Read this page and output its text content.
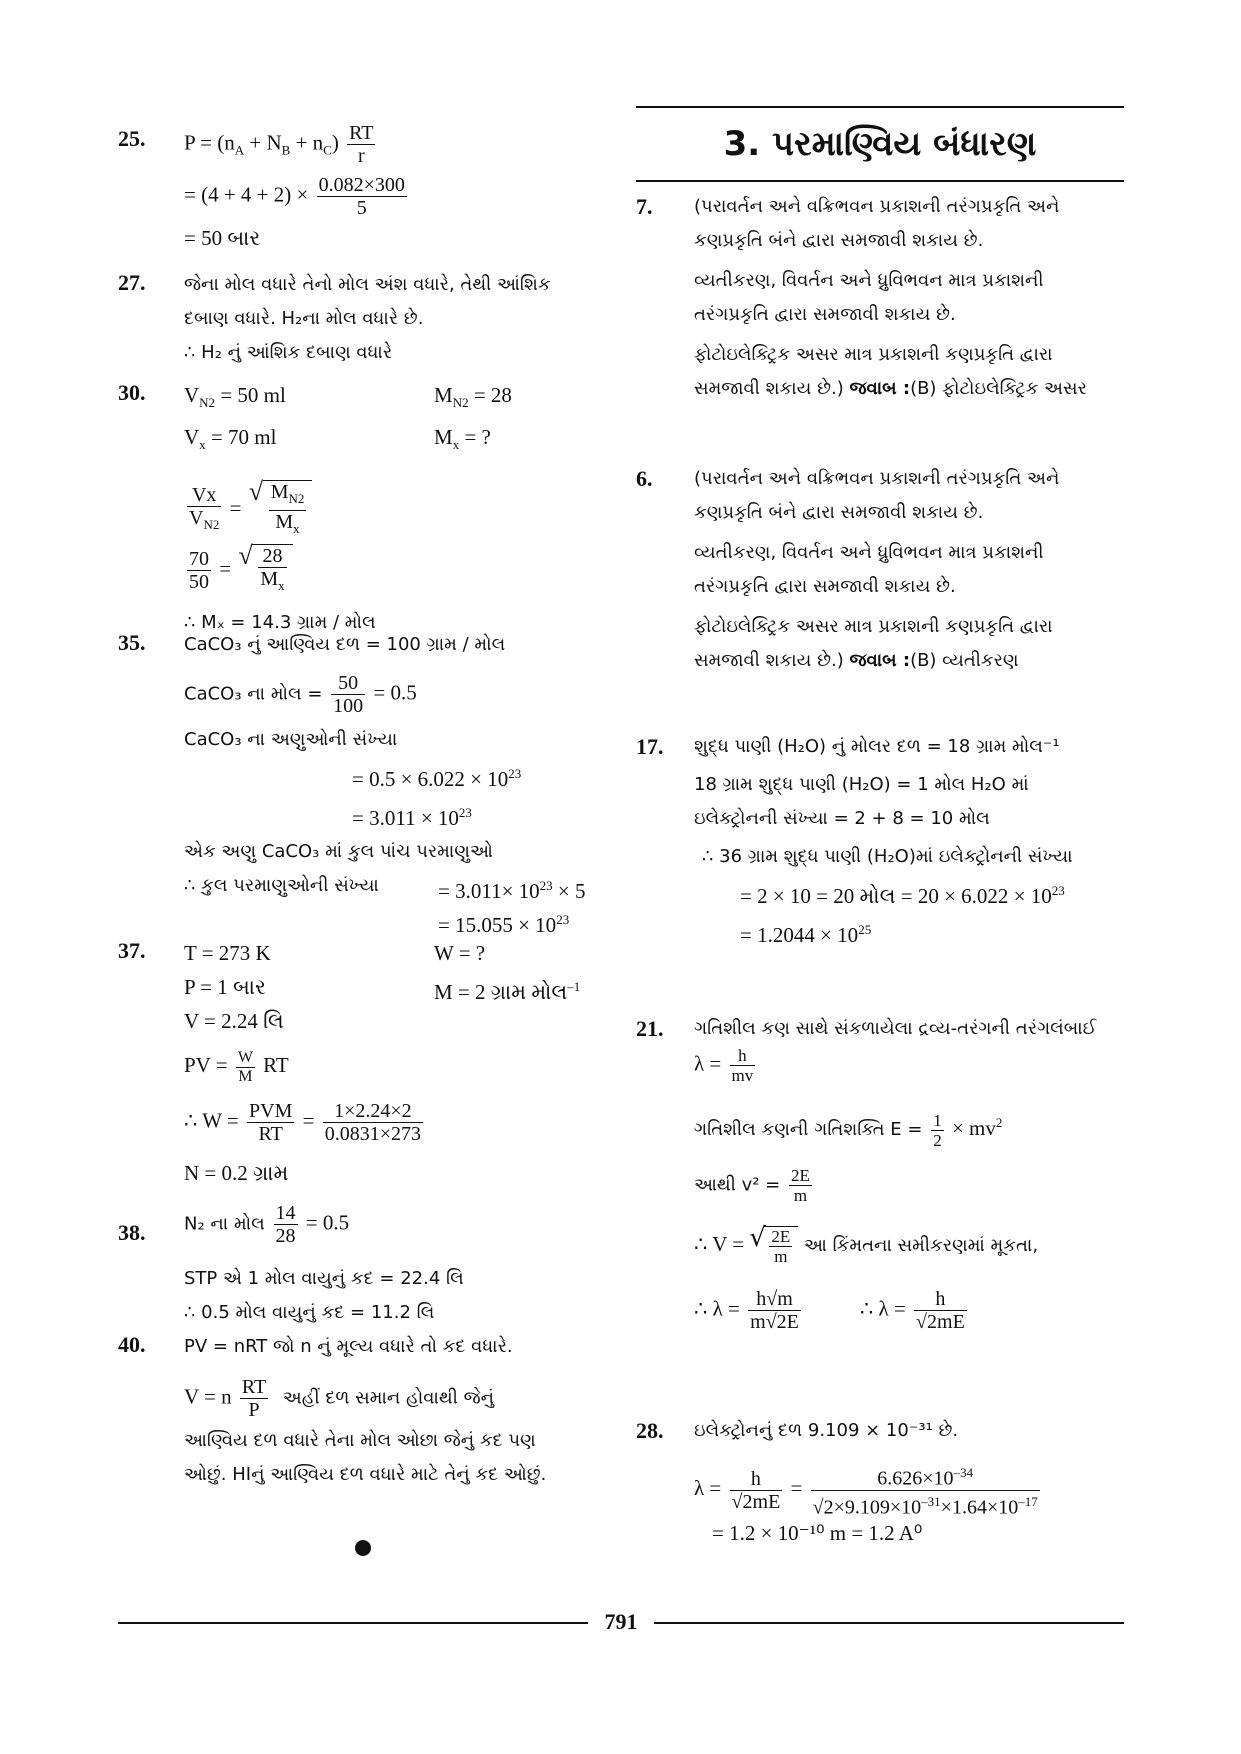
25. $P = (n_A + N_B + n_C) \frac{RT}{r}$
= $(4 + 4 + 2) \times \frac{0.082\times 300}{5}$
= 50 બાર
27. જેના મોલ વધારે તેનો મોલ અંશ વધારે, તેથી આંશિક
દબાણ વધારે. H₂ના મોલ વધારે છે.
∴ H₂ નું આંશિક દબાણ વધારે
30. $V_{N2} = 50$ ml	$M_{N2} = 28$
$V_x = 70$ ml	$M_x$ = ?
$\frac{Vx}{V_{N2}}$ = √ $\frac{M_{N2}}{M_x}$
$\frac{70}{50}$ = √ $\frac{28}{M_x}$
∴ Mₓ = 14.3 ગ્રામ / મોલ
35. CaCO₃ નું આણ્વિય દળ = 100 ગ્રામ / મોલ
CaCO₃ ના મોલ = $\frac{50}{100} = 0.5$
CaCO₃ ના અણુઓની સંખ્યા
= $0.5 \times 6.022 \times 10^{23}$
= $3.011 \times 10^{23}$
એક અણુ CaCO₃ માં કુલ પાંચ પરમાણુઓ
∴ કુલ પરમાણુઓની સંખ્યા	= $3.011\times 10^{23} \times 5$
= $15.055 \times 10^{23}$
37. T = 273 K	W = ?
P = 1 બાર	M = 2 ગ્રામ મોલ$^{-1}$
V = 2.24 લિ
PV = $\frac{W}{M}$ RT
∴ $W = \frac{\text{PVM}}{RT} = \frac{1\times 2.24\times 2}{0.0831\times 273}$
N = 0.2 ગ્રામ
38. N₂ ના મોલ $\frac{14}{28} = 0.5$
STP એ 1 મોલ વાયુનું કદ = 22.4 લિ
∴ 0.5 મોલ વાયુનું કદ = 11.2 લિ
40. PV = nRT જો n નું મૂલ્ય વધારે તો કદ વધારે.
V = n $\frac{RT}{P}$ અહીં દળ સમાન હોવાથી જેનું
આણ્વિય દળ વધારે તેના મોલ ઓછા જેનું કદ પણ
ઓછું. HIનું આણ્વિય દળ વધારે માટે તેનું કદ ઓછું.
3. પરમાણ્વિય બંધારણ
7. (પરાવર્તન અને વક્રિભવન પ્રકાશની તરંગપ્રકૃતિ અને
કણપ્રકૃતિ બંને દ્વારા સમજાવી શકાય છે.
વ્યતીકરણ, વિવર્તન અને ધ્રુવિભવન માત્ર પ્રકાશની
તરંગપ્રકૃતિ દ્વારા સમજાવી શકાય છે.
ફોટોઇલેક્ટ્રિક અસર માત્ર પ્રકાશની કણપ્રકૃતિ દ્વારા
સમજાવી શકાય છે.) જવાબ :(B) ફોટોઇલેક્ટ્રિક અસર
6. (પરાવર્તન અને વક્રિભવન પ્રકાશની તરંગપ્રકૃતિ અને
કણપ્રકૃતિ બંને દ્વારા સમજાવી શકાય છે.
વ્યતીકરણ, વિવર્તન અને ધ્રુવિભવન માત્ર પ્રકાશની
તરંગપ્રકૃતિ દ્વારા સમજાવી શકાય છે.
ફોટોઇલેક્ટ્રિક અસર માત્ર પ્રકાશની કણપ્રકૃતિ દ્વારા
સમજાવી શકાય છે.) જવાબ :(B) વ્યતીકરણ
17. શુદ્ધ પાણી (H₂O) નું મોલર દળ = 18 ગ્રામ મોલ⁻¹
18 ગ્રામ શુદ્ધ પાણી (H₂O) = 1 મોલ H₂O માં
ઇલેક્ટ્રોનની સંખ્યા = 2 + 8 = 10 મોલ
∴ 36 ગ્રામ શુદ્ધ પાણી (H₂O)માં ઇલેક્ટ્રોનની સંખ્યા
= 2 × 10 = 20 મોલ = $20 \times 6.022 \times 10^{23}$
= $1.2044 \times 10^{25}$
21. ગતિશીલ કણ સાથે સંકળાયેલા દ્રવ્ય-તરંગની તરંગલંબાઈ
$\lambda = \frac{h}{mv}$
ગતિશીલ કણની ગતિશક્તિ $E = \frac{1}{2} \times mv^2$
આથી $v^2 = \frac{2E}{m}$
∴ V = √ $\frac{2E}{m}$ આ કિંમતના સમીકરણમાં મૂકતા,
∴ $\lambda = \frac{h√m}{m√2E}$	∴ $\lambda = \frac{h}{√2mE}$
28. ઇલેક્ટ્રોનનું દળ 9.109 × 10⁻³¹ છે.
$\lambda = \frac{h}{√2mE} = \frac{6.626\times 10^{-34}}{√2\times 9.109\times 10^{-31}\times 1.64\times 10^{-17}}$
= 1.2 × 10⁻¹⁰ m = 1.2 A⁰
791
